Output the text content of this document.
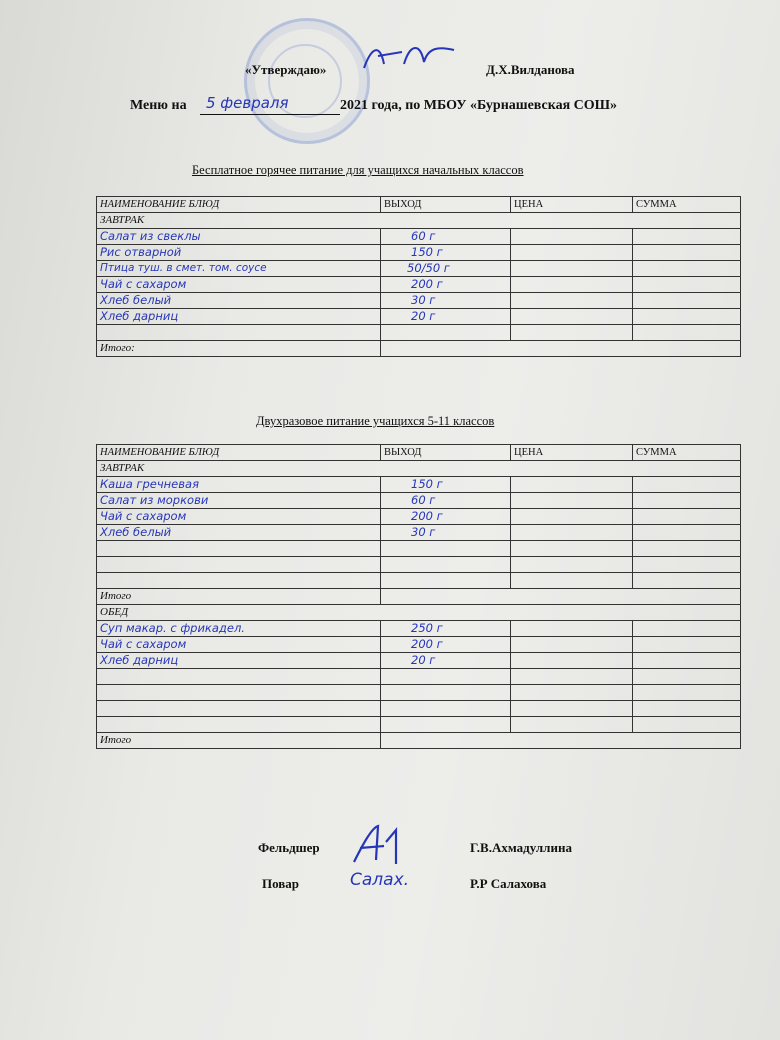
«Утверждаю»	Д.Х.Вилданова
Меню на 5 февраля	2021 года, по МБОУ «Бурнашевская СОШ»
Бесплатное горячее питание для учащихся начальных классов
НАИМЕНОВАНИЕ БЛЮД	ВЫХОД	ЦЕНА	СУММА
ЗАВТРАК			
Салат из свеклы	60 г		
Рис отварной	150 г		
Птица туш. в смет. том. соусе	50/50 г		
Чай с сахаром	200 г		
Хлеб белый	30 г		
Хлеб дарниц	20 г		

Итого:			
Двухразовое питание учащихся 5-11 классов
НАИМЕНОВАНИЕ БЛЮД	ВЫХОД	ЦЕНА	СУММА
ЗАВТРАК			
Каша гречневая	150 г		
Салат из моркови	60 г		
Чай с сахаром	200 г		
Хлеб белый	30 г		

Итого			
ОБЕД			
Суп макар. с фрикадел.	250 г		
Чай с сахаром	200 г		
Хлеб дарниц	20 г		

Итого			
Фельдшер	Г.В.Ахмадуллина
Повар	Салах.	Р.Р Салахова
